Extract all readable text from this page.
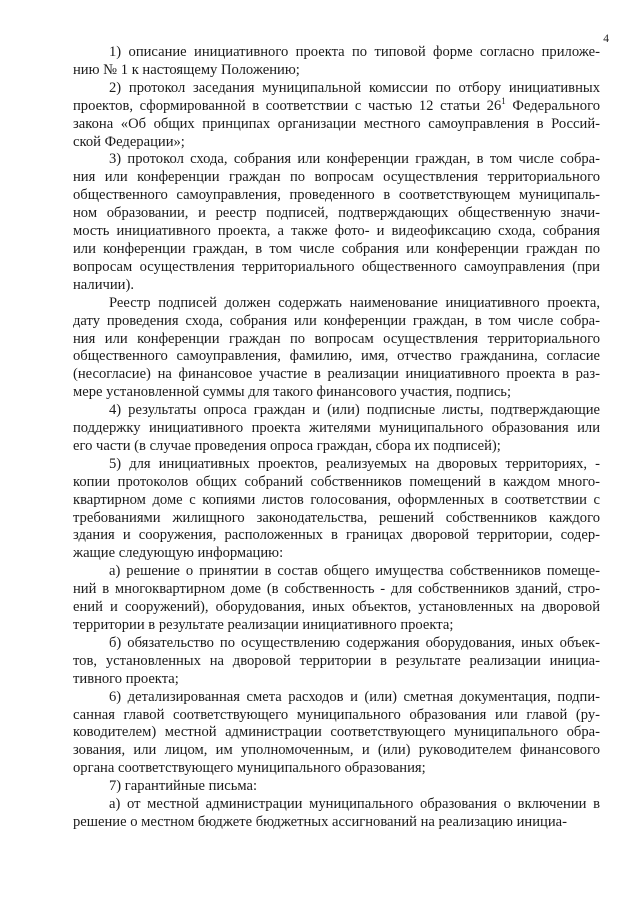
4

1) описание инициативного проекта по типовой форме согласно приложе-
нию № 1 к настоящему Положению;

2) протокол заседания муниципальной комиссии по отбору инициативных
проектов, сформированной в соответствии с частью 12 статьи $26^1$ Федерального
закона «Об общих принципах организации местного самоуправления в Россий-
ской Федерации»;

3) протокол схода, собрания или конференции граждан, в том числе собра-
ния или конференции граждан по вопросам осуществления территориального
общественного самоуправления, проведенного в соответствующем муниципаль-
ном образовании, и реестр подписей, подтверждающих общественную значи-
мость инициативного проекта, а также фото- и видеофиксацию схода, собрания
или конференции граждан, в том числе собрания или конференции граждан по
вопросам осуществления территориального общественного самоуправления (при
наличии).

Реестр подписей должен содержать наименование инициативного проекта,
дату проведения схода, собрания или конференции граждан, в том числе собра-
ния или конференции граждан по вопросам осуществления территориального
общественного самоуправления, фамилию, имя, отчество гражданина, согласие
(несогласие) на финансовое участие в реализации инициативного проекта в раз-
мере установленной суммы для такого финансового участия, подпись;

4) результаты опроса граждан и (или) подписные листы, подтверждающие
поддержку инициативного проекта жителями муниципального образования или
его части (в случае проведения опроса граждан, сбора их подписей);

5) для инициативных проектов, реализуемых на дворовых территориях, -
копии протоколов общих собраний собственников помещений в каждом много-
квартирном доме с копиями листов голосования, оформленных в соответствии с
требованиями жилищного законодательства, решений собственников каждого
здания и сооружения, расположенных в границах дворовой территории, содер-
жащие следующую информацию:

а) решение о принятии в состав общего имущества собственников помеще-
ний в многоквартирном доме (в собственность - для собственников зданий, стро-
ений и сооружений), оборудования, иных объектов, установленных на дворовой
территории в результате реализации инициативного проекта;

б) обязательство по осуществлению содержания оборудования, иных объек-
тов, установленных на дворовой территории в результате реализации инициа-
тивного проекта;

6) детализированная смета расходов и (или) сметная документация, подпи-
санная главой соответствующего муниципального образования или главой (ру-
ководителем) местной администрации соответствующего муниципального обра-
зования, или лицом, им уполномоченным, и (или) руководителем финансового
органа соответствующего муниципального образования;

7) гарантийные письма:

а) от местной администрации муниципального образования о включении в
решение о местном бюджете бюджетных ассигнований на реализацию инициа-
